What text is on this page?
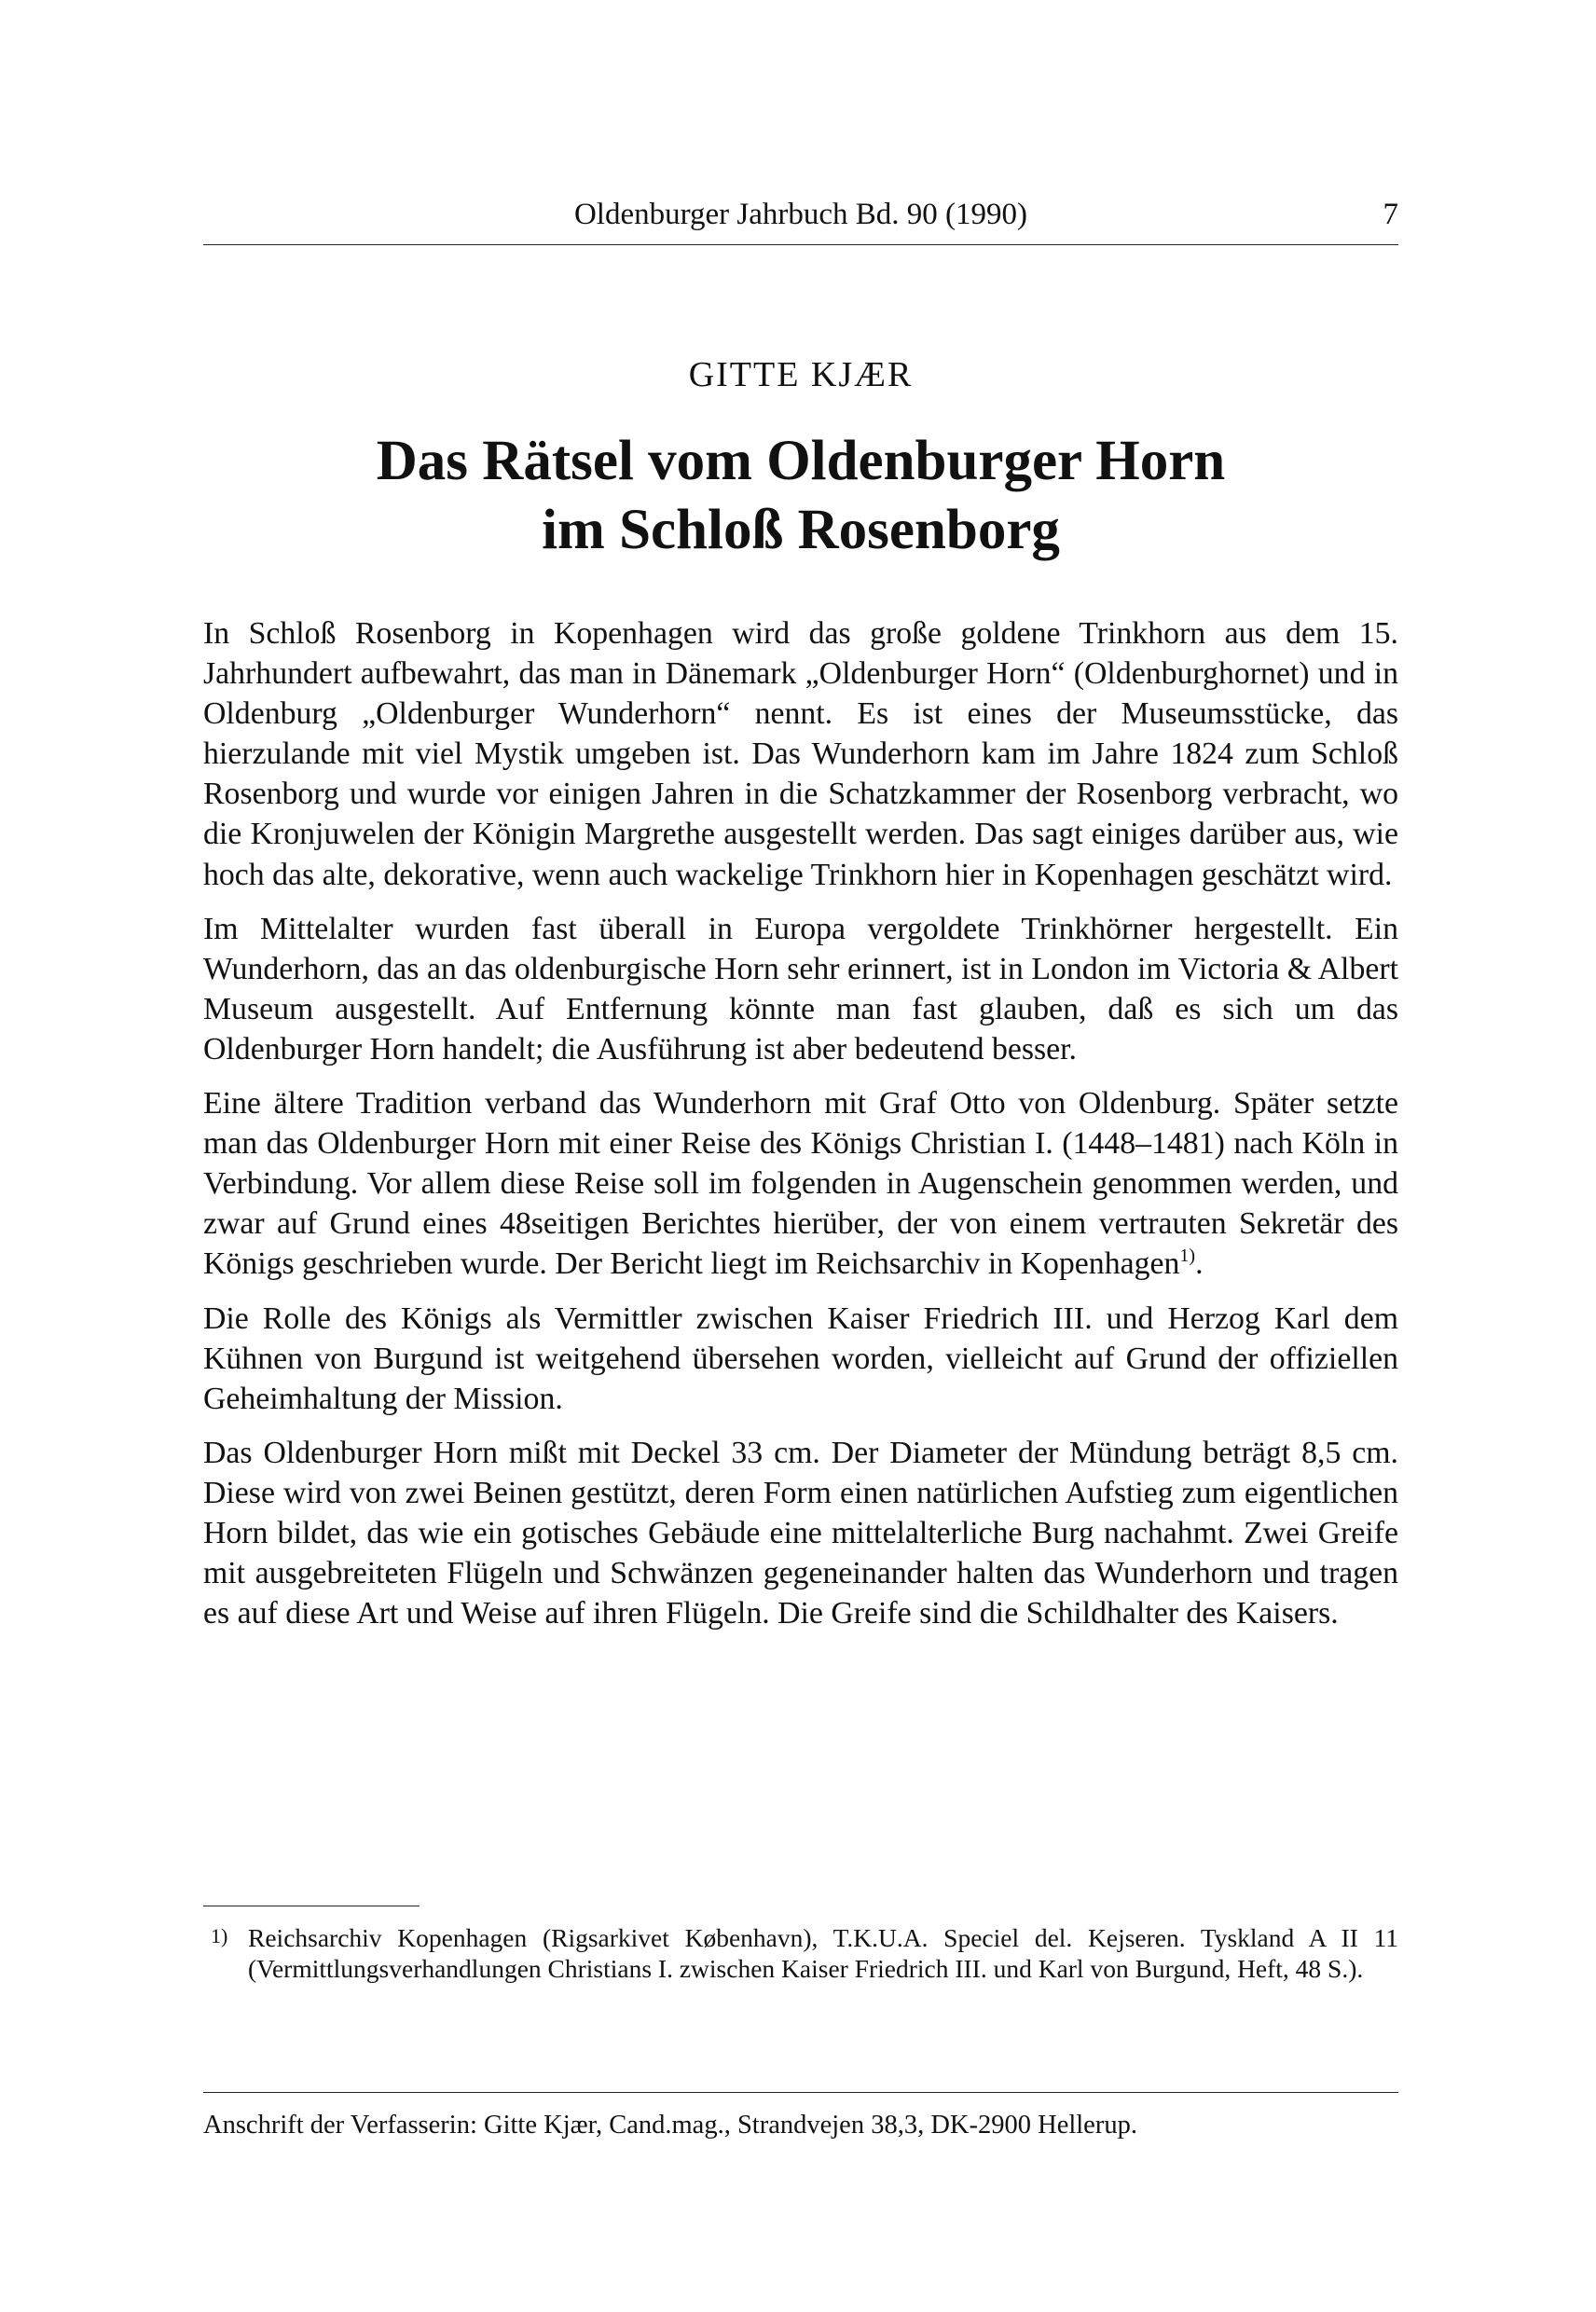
Oldenburger Jahrbuch Bd. 90 (1990)	7
GITTE KJÆR
Das Rätsel vom Oldenburger Horn
im Schloß Rosenborg

In Schloß Rosenborg in Kopenhagen wird das große goldene Trinkhorn aus dem 15. Jahrhundert aufbewahrt, das man in Dänemark „Oldenburger Horn“ (Oldenburghornet) und in Oldenburg „Oldenburger Wunderhorn“ nennt. Es ist eines der Museumsstücke, das hierzulande mit viel Mystik umgeben ist. Das Wunderhorn kam im Jahre 1824 zum Schloß Rosenborg und wurde vor einigen Jahren in die Schatzkammer der Rosenborg verbracht, wo die Kronjuwelen der Königin Margrethe ausgestellt werden. Das sagt einiges darüber aus, wie hoch das alte, dekorative, wenn auch wackelige Trinkhorn hier in Kopenhagen geschätzt wird.

Im Mittelalter wurden fast überall in Europa vergoldete Trinkhörner hergestellt. Ein Wunderhorn, das an das oldenburgische Horn sehr erinnert, ist in London im Victoria & Albert Museum ausgestellt. Auf Entfernung könnte man fast glauben, daß es sich um das Oldenburger Horn handelt; die Ausführung ist aber bedeutend besser.

Eine ältere Tradition verband das Wunderhorn mit Graf Otto von Oldenburg. Später setzte man das Oldenburger Horn mit einer Reise des Königs Christian I. (1448–1481) nach Köln in Verbindung. Vor allem diese Reise soll im folgenden in Augenschein genommen werden, und zwar auf Grund eines 48seitigen Berichtes hierüber, der von einem vertrauten Sekretär des Königs geschrieben wurde. Der Bericht liegt im Reichsarchiv in Kopenhagen$^{1)}$.

Die Rolle des Königs als Vermittler zwischen Kaiser Friedrich III. und Herzog Karl dem Kühnen von Burgund ist weitgehend übersehen worden, vielleicht auf Grund der offiziellen Geheimhaltung der Mission.

Das Oldenburger Horn mißt mit Deckel 33 cm. Der Diameter der Mündung beträgt 8,5 cm. Diese wird von zwei Beinen gestützt, deren Form einen natürlichen Aufstieg zum eigentlichen Horn bildet, das wie ein gotisches Gebäude eine mittelalterliche Burg nachahmt. Zwei Greife mit ausgebreiteten Flügeln und Schwänzen gegeneinander halten das Wunderhorn und tragen es auf diese Art und Weise auf ihren Flügeln. Die Greife sind die Schildhalter des Kaisers.

1) Reichsarchiv Kopenhagen (Rigsarkivet København), T.K.U.A. Speciel del. Kejseren. Tyskland A II 11 (Vermittlungsverhandlungen Christians I. zwischen Kaiser Friedrich III. und Karl von Burgund, Heft, 48 S.).
Anschrift der Verfasserin: Gitte Kjær, Cand.mag., Strandvejen 38,3, DK-2900 Hellerup.
